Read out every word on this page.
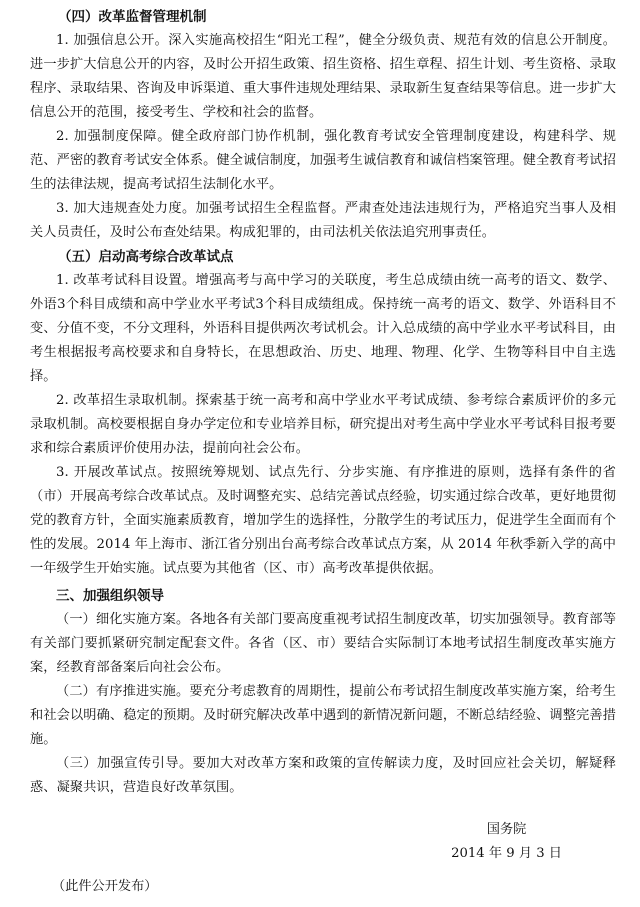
（四）改革监督管理机制

1. 加强信息公开。深入实施高校招生“阳光工程”，健全分级负责、规范有效的信息公开制度。进一步扩大信息公开的内容，及时公开招生政策、招生资格、招生章程、招生计划、考生资格、录取程序、录取结果、咨询及申诉渠道、重大事件违规处理结果、录取新生复查结果等信息。进一步扩大信息公开的范围，接受考生、学校和社会的监督。

2. 加强制度保障。健全政府部门协作机制，强化教育考试安全管理制度建设，构建科学、规范、严密的教育考试安全体系。健全诚信制度，加强考生诚信教育和诚信档案管理。健全教育考试招生的法律法规，提高考试招生法制化水平。

3. 加大违规查处力度。加强考试招生全程监督。严肃查处违法违规行为，严格追究当事人及相关人员责任，及时公布查处结果。构成犯罪的，由司法机关依法追究刑事责任。

（五）启动高考综合改革试点

1. 改革考试科目设置。增强高考与高中学习的关联度，考生总成绩由统一高考的语文、数学、外语3个科目成绩和高中学业水平考试3个科目成绩组成。保持统一高考的语文、数学、外语科目不变、分值不变，不分文理科，外语科目提供两次考试机会。计入总成绩的高中学业水平考试科目，由考生根据报考高校要求和自身特长，在思想政治、历史、地理、物理、化学、生物等科目中自主选择。

2. 改革招生录取机制。探索基于统一高考和高中学业水平考试成绩、参考综合素质评价的多元录取机制。高校要根据自身办学定位和专业培养目标，研究提出对考生高中学业水平考试科目报考要求和综合素质评价使用办法，提前向社会公布。

3. 开展改革试点。按照统筹规划、试点先行、分步实施、有序推进的原则，选择有条件的省（市）开展高考综合改革试点。及时调整充实、总结完善试点经验，切实通过综合改革，更好地贯彻党的教育方针，全面实施素质教育，增加学生的选择性，分散学生的考试压力，促进学生全面而有个性的发展。2014 年上海市、浙江省分别出台高考综合改革试点方案，从 2014 年秋季新入学的高中一年级学生开始实施。试点要为其他省（区、市）高考改革提供依据。

三、加强组织领导

（一）细化实施方案。各地各有关部门要高度重视考试招生制度改革，切实加强领导。教育部等有关部门要抓紧研究制定配套文件。各省（区、市）要结合实际制订本地考试招生制度改革实施方案，经教育部备案后向社会公布。

（二）有序推进实施。要充分考虑教育的周期性，提前公布考试招生制度改革实施方案，给考生和社会以明确、稳定的预期。及时研究解决改革中遇到的新情况新问题，不断总结经验、调整完善措施。

（三）加强宣传引导。要加大对改革方案和政策的宣传解读力度，及时回应社会关切，解疑释惑、凝聚共识，营造良好改革氛围。

国务院

2014 年 9 月 3 日

（此件公开发布）
